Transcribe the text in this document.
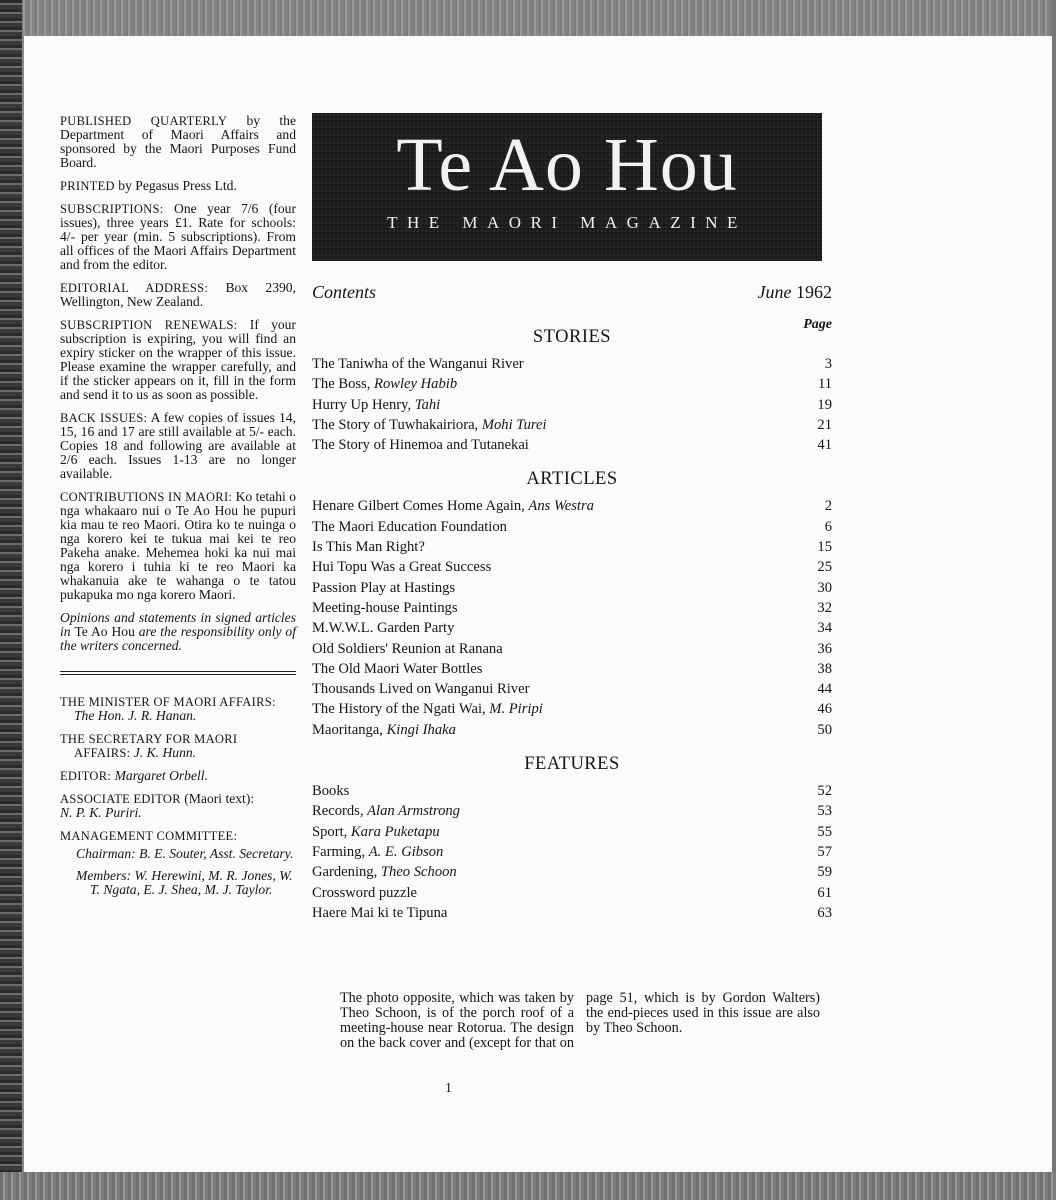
PUBLISHED QUARTERLY by the Department of Maori Affairs and sponsored by the Maori Purposes Fund Board.

PRINTED by Pegasus Press Ltd.

SUBSCRIPTIONS: One year 7/6 (four issues), three years £1. Rate for schools: 4/- per year (min. 5 subscriptions). From all offices of the Maori Affairs Department and from the editor.

EDITORIAL ADDRESS: Box 2390, Wellington, New Zealand.

SUBSCRIPTION RENEWALS: If your subscription is expiring, you will find an expiry sticker on the wrapper of this issue. Please examine the wrapper carefully, and if the sticker appears on it, fill in the form and send it to us as soon as possible.

BACK ISSUES: A few copies of issues 14, 15, 16 and 17 are still available at 5/- each. Copies 18 and following are available at 2/6 each. Issues 1-13 are no longer available.

CONTRIBUTIONS IN MAORI: Ko tetahi o nga whakaaro nui o Te Ao Hou he pupuri kia mau te reo Maori. Otira ko te nuinga o nga korero kei te tukua mai kei te reo Pakeha anake. Mehemea hoki ka nui mai nga korero i tuhia ki te reo Maori ka whakanuia ake te wahanga o te tatou pukapuka mo nga korero Maori.

Opinions and statements in signed articles in Te Ao Hou are the responsibility only of the writers concerned.

THE MINISTER OF MAORI AFFAIRS: The Hon. J. R. Hanan.

THE SECRETARY FOR MAORI AFFAIRS: J. K. Hunn.

EDITOR: Margaret Orbell.

ASSOCIATE EDITOR (Maori text):
N. P. K. Puriri.

MANAGEMENT COMMITTEE:

Chairman: B. E. Souter, Asst. Secretary.

Members: W. Herewini, M. R. Jones, W. T. Ngata, E. J. Shea, M. J. Taylor.

Te Ao Hou
THE MAORI MAGAZINE
Contents	June 1962
Page
STORIES
The Taniwha of the Wanganui River	3
The Boss, Rowley Habib	11
Hurry Up Henry, Tahi	19
The Story of Tuwhakairiora, Mohi Turei	21
The Story of Hinemoa and Tutanekai	41
ARTICLES
Henare Gilbert Comes Home Again, Ans Westra	2
The Maori Education Foundation	6
Is This Man Right?	15
Hui Topu Was a Great Success	25
Passion Play at Hastings	30
Meeting-house Paintings	32
M.W.W.L. Garden Party	34
Old Soldiers' Reunion at Ranana	36
The Old Maori Water Bottles	38
Thousands Lived on Wanganui River	44
The History of the Ngati Wai, M. Piripi	46
Maoritanga, Kingi Ihaka	50
FEATURES
Books	52
Records, Alan Armstrong	53
Sport, Kara Puketapu	55
Farming, A. E. Gibson	57
Gardening, Theo Schoon	59
Crossword puzzle	61
Haere Mai ki te Tipuna	63

The photo opposite, which was taken by Theo Schoon, is of the porch roof of a meeting-house near Rotorua. The design on the back cover and (except for that on page 51, which is by Gordon Walters) the end-pieces used in this issue are also by Theo Schoon.

1
